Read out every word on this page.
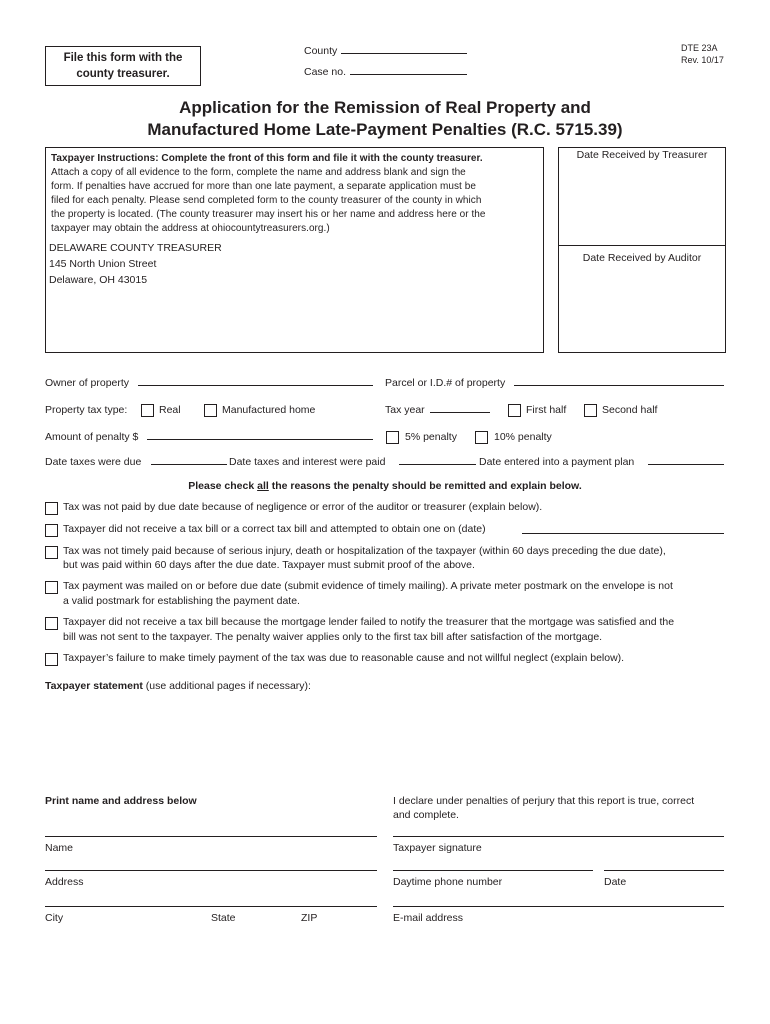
File this form with the
county treasurer.
County
Case no.
DTE 23A
Rev. 10/17
Application for the Remission of Real Property and
Manufactured Home Late-Payment Penalties (R.C. 5715.39)
Taxpayer Instructions: Complete the front of this form and file it with the county treasurer.
Attach a copy of all evidence to the form, complete the name and address blank and sign the
form. If penalties have accrued for more than one late payment, a separate application must be
filed for each penalty. Please send completed form to the county treasurer of the county in which
the property is located. (The county treasurer may insert his or her name and address here or the
taxpayer may obtain the address at ohiocountytreasurers.org.)
DELAWARE COUNTY TREASURER
145 North Union Street
Delaware, OH 43015
Date Received by Treasurer
Date Received by Auditor
Owner of property	Parcel or I.D.# of property
Property tax type:	Real	Manufactured home	Tax year	First half	Second half
Amount of penalty $	5% penalty	10% penalty
Date taxes were due	Date taxes and interest were paid	Date entered into a payment plan
Please check all the reasons the penalty should be remitted and explain below.
Tax was not paid by due date because of negligence or error of the auditor or treasurer (explain below).
Taxpayer did not receive a tax bill or a correct tax bill and attempted to obtain one on (date)
Tax was not timely paid because of serious injury, death or hospitalization of the taxpayer (within 60 days preceding the due date),
but was paid within 60 days after the due date. Taxpayer must submit proof of the above.
Tax payment was mailed on or before due date (submit evidence of timely mailing). A private meter postmark on the envelope is not
a valid postmark for establishing the payment date.
Taxpayer did not receive a tax bill because the mortgage lender failed to notify the treasurer that the mortgage was satisfied and the
bill was not sent to the taxpayer. The penalty waiver applies only to the first tax bill after satisfaction of the mortgage.
Taxpayer’s failure to make timely payment of the tax was due to reasonable cause and not willful neglect (explain below).
Taxpayer statement (use additional pages if necessary):
Print name and address below	I declare under penalties of perjury that this report is true, correct
and complete.
Name	Taxpayer signature
Address	Daytime phone number	Date
City	State	ZIP	E-mail address
